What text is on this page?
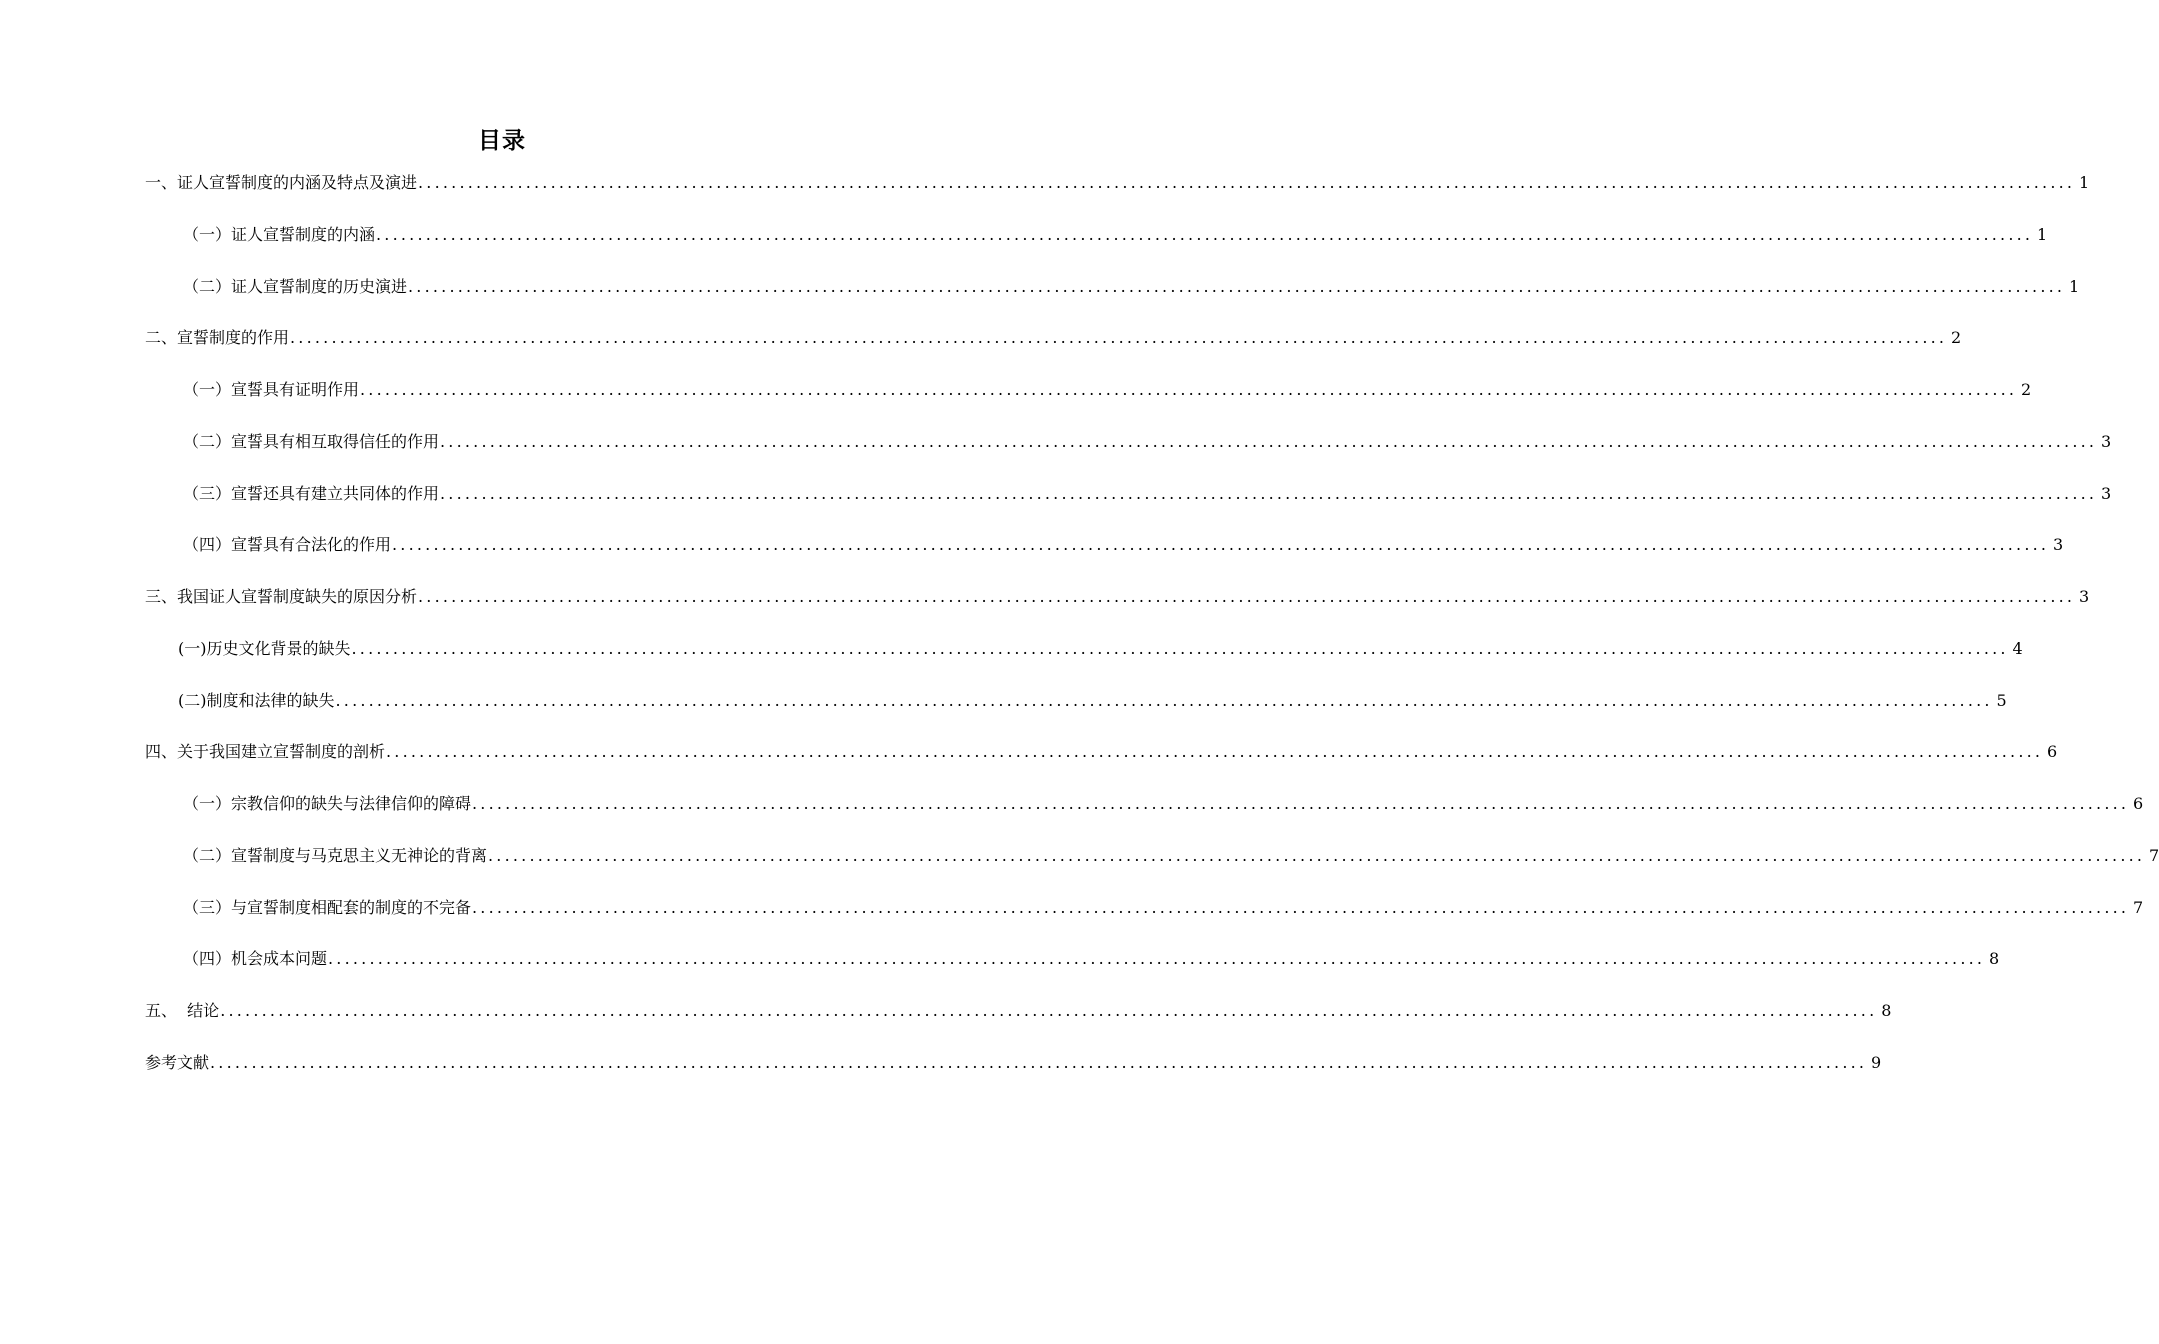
目录
一、证人宣誓制度的内涵及特点及演进 ........................................................................................................................................................................................................ 1
（一）证人宣誓制度的内涵 ........................................................................................................................................................................................................ 1
（二）证人宣誓制度的历史演进 ........................................................................................................................................................................................................ 1
二、宣誓制度的作用 ........................................................................................................................................................................................................ 2
（一）宣誓具有证明作用 ........................................................................................................................................................................................................ 2
（二）宣誓具有相互取得信任的作用 ........................................................................................................................................................................................................ 3
（三）宣誓还具有建立共同体的作用 ........................................................................................................................................................................................................ 3
（四）宣誓具有合法化的作用 ........................................................................................................................................................................................................ 3
三、我国证人宣誓制度缺失的原因分析 ........................................................................................................................................................................................................ 3
(一)历史文化背景的缺失 ........................................................................................................................................................................................................ 4
(二)制度和法律的缺失 ........................................................................................................................................................................................................ 5
四、关于我国建立宣誓制度的剖析 ........................................................................................................................................................................................................ 6
（一）宗教信仰的缺失与法律信仰的障碍 ........................................................................................................................................................................................................ 6
（二）宣誓制度与马克思主义无神论的背离 ........................................................................................................................................................................................................ 7
（三）与宣誓制度相配套的制度的不完备 ........................................................................................................................................................................................................ 7
（四）机会成本问题 ........................................................................................................................................................................................................ 8
五、  结论 ........................................................................................................................................................................................................ 8
参考文献 ........................................................................................................................................................................................................ 9
